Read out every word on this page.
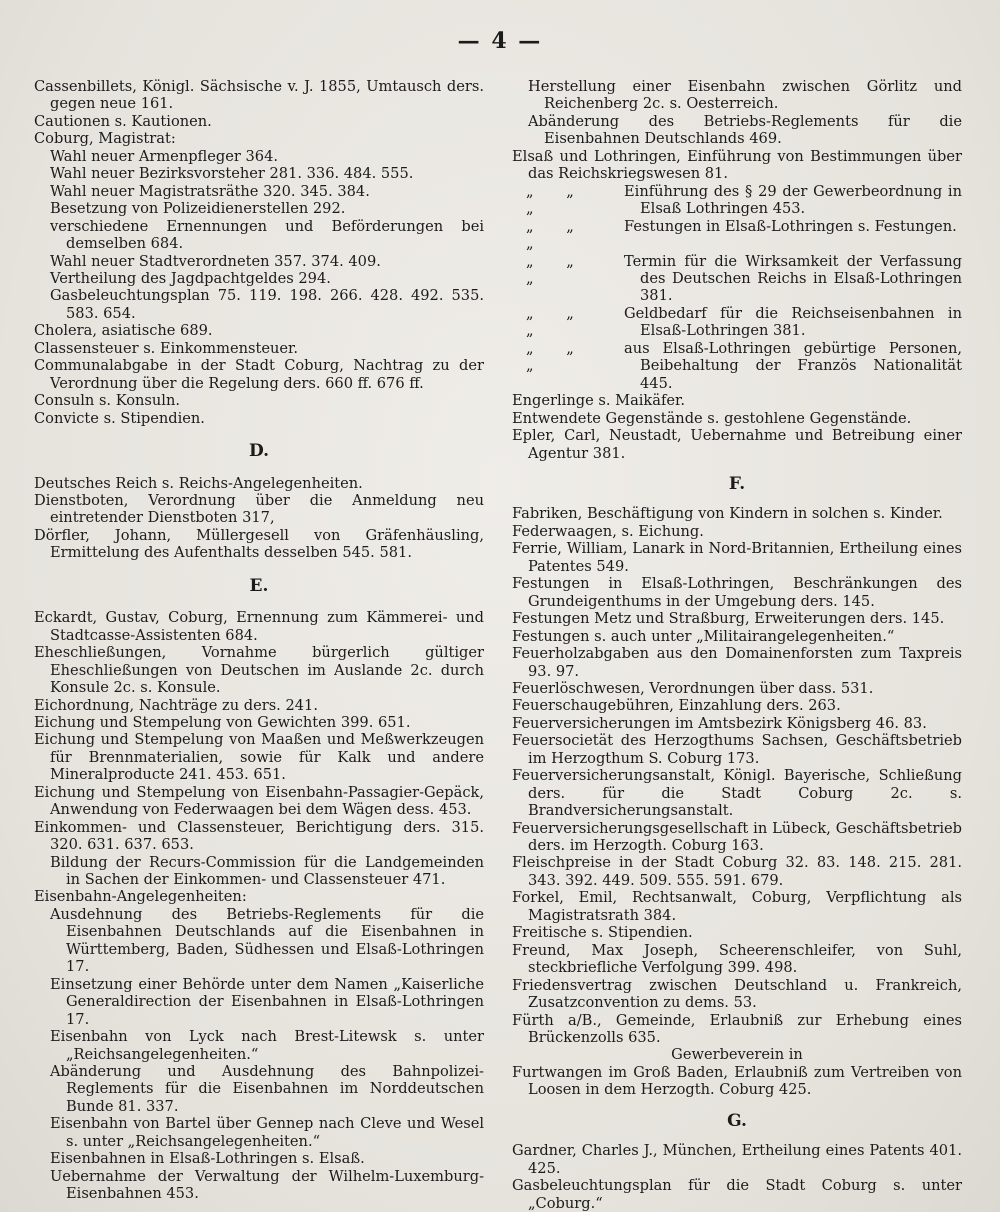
— 4 —

Cassenbillets, Königl. Sächsische v. J. 1855, Umtausch ders. gegen neue 161.

Cautionen s. Kautionen.

Coburg, Magistrat:

Wahl neuer Armenpfleger 364.

Wahl neuer Bezirksvorsteher 281. 336. 484. 555.

Wahl neuer Magistratsräthe 320. 345. 384.

Besetzung von Polizeidienerstellen 292.

verschiedene Ernennungen und Beförderungen bei demselben 684.

Wahl neuer Stadtverordneten 357. 374. 409.

Vertheilung des Jagdpachtgeldes 294.

Gasbeleuchtungsplan 75. 119. 198. 266. 428. 492. 535. 583. 654.

Cholera, asiatische 689.

Classensteuer s. Einkommensteuer.

Communalabgabe in der Stadt Coburg, Nachtrag zu der Verordnung über die Regelung ders. 660 ff. 676 ff.

Consuln s. Konsuln.

Convicte s. Stipendien.

D.

Deutsches Reich s. Reichs-Angelegenheiten.

Dienstboten, Verordnung über die Anmeldung neu eintretender Dienstboten 317,

Dörfler, Johann, Müllergesell von Gräfenhäusling, Ermittelung des Aufenthalts desselben 545. 581.

E.

Eckardt, Gustav, Coburg, Ernennung zum Kämmerei- und Stadtcasse-Assistenten 684.

Eheschließungen, Vornahme bürgerlich gültiger Eheschließungen von Deutschen im Auslande 2c. durch Konsule 2c. s. Konsule.

Eichordnung, Nachträge zu ders. 241.

Eichung und Stempelung von Gewichten 399. 651.

Eichung und Stempelung von Maaßen und Meßwerkzeugen für Brennmaterialien, sowie für Kalk und andere Mineralproducte 241. 453. 651.

Eichung und Stempelung von Eisenbahn-Passagier-Gepäck, Anwendung von Federwaagen bei dem Wägen dess. 453.

Einkommen- und Classensteuer, Berichtigung ders. 315. 320. 631. 637. 653.

Bildung der Recurs-Commission für die Landgemeinden in Sachen der Einkommen- und Classensteuer 471.

Eisenbahn-Angelegenheiten:

Ausdehnung des Betriebs-Reglements für die Eisenbahnen Deutschlands auf die Eisenbahnen in Württemberg, Baden, Südhessen und Elsaß-Lothringen 17.

Einsetzung einer Behörde unter dem Namen „Kaiserliche Generaldirection der Eisenbahnen in Elsaß-Lothringen 17.

Eisenbahn von Lyck nach Brest-Litewsk s. unter „Reichsangelegenheiten.“

Abänderung und Ausdehnung des Bahnpolizei-Reglements für die Eisenbahnen im Norddeutschen Bunde 81. 337.

Eisenbahn von Bartel über Gennep nach Cleve und Wesel s. unter „Reichsangelegenheiten.“

Eisenbahnen in Elsaß-Lothringen s. Elsaß.

Uebernahme der Verwaltung der Wilhelm-Luxemburg-Eisenbahnen 453.

Herstellung einer Eisenbahn zwischen Görlitz und Reichenberg 2c. s. Oesterreich.

Abänderung des Betriebs-Reglements für die Eisenbahnen Deutschlands 469.

Elsaß und Lothringen, Einführung von Bestimmungen über das Reichskriegswesen 81.

„ „ „
Einführung des § 29 der Gewerbeordnung in Elsaß Lothringen 453.
„ „ „
Festungen in Elsaß-Lothringen s. Festungen.
„ „ „
Termin für die Wirksamkeit der Verfassung des Deutschen Reichs in Elsaß-Lothringen 381.
„ „ „
Geldbedarf für die Reichseisenbahnen in Elsaß-Lothringen 381.
„ „ „
aus Elsaß-Lothringen gebürtige Personen, Beibehaltung der Französ Nationalität 445.

Engerlinge s. Maikäfer.

Entwendete Gegenstände s. gestohlene Gegenstände.

Epler, Carl, Neustadt, Uebernahme und Betreibung einer Agentur 381.

F.

Fabriken, Beschäftigung von Kindern in solchen s. Kinder.

Federwaagen, s. Eichung.

Ferrie, William, Lanark in Nord-Britannien, Ertheilung eines Patentes 549.

Festungen in Elsaß-Lothringen, Beschränkungen des Grundeigenthums in der Umgebung ders. 145.

Festungen Metz und Straßburg, Erweiterungen ders. 145.

Festungen s. auch unter „Militairangelegenheiten.“

Feuerholzabgaben aus den Domainenforsten zum Taxpreis 93. 97.

Feuerlöschwesen, Verordnungen über dass. 531.

Feuerschaugebühren, Einzahlung ders. 263.

Feuerversicherungen im Amtsbezirk Königsberg 46. 83.

Feuersocietät des Herzogthums Sachsen, Geschäftsbetrieb im Herzogthum S. Coburg 173.

Feuerversicherungsanstalt, Königl. Bayerische, Schließung ders. für die Stadt Coburg 2c. s. Brandversicherungsanstalt.

Feuerversicherungsgesellschaft in Lübeck, Geschäftsbetrieb ders. im Herzogth. Coburg 163.

Fleischpreise in der Stadt Coburg 32. 83. 148. 215. 281. 343. 392. 449. 509. 555. 591. 679.

Forkel, Emil, Rechtsanwalt, Coburg, Verpflichtung als Magistratsrath 384.

Freitische s. Stipendien.

Freund, Max Joseph, Scheerenschleifer, von Suhl, steckbriefliche Verfolgung 399. 498.

Friedensvertrag zwischen Deutschland u. Frankreich, Zusatzconvention zu dems. 53.

Fürth a/B., Gemeinde, Erlaubniß zur Erhebung eines Brückenzolls 635.

Gewerbeverein in

Furtwangen im Groß Baden, Erlaubniß zum Vertreiben von Loosen in dem Herzogth. Coburg 425.

G.

Gardner, Charles J., München, Ertheilung eines Patents 401. 425.

Gasbeleuchtungsplan für die Stadt Coburg s. unter „Coburg.“
